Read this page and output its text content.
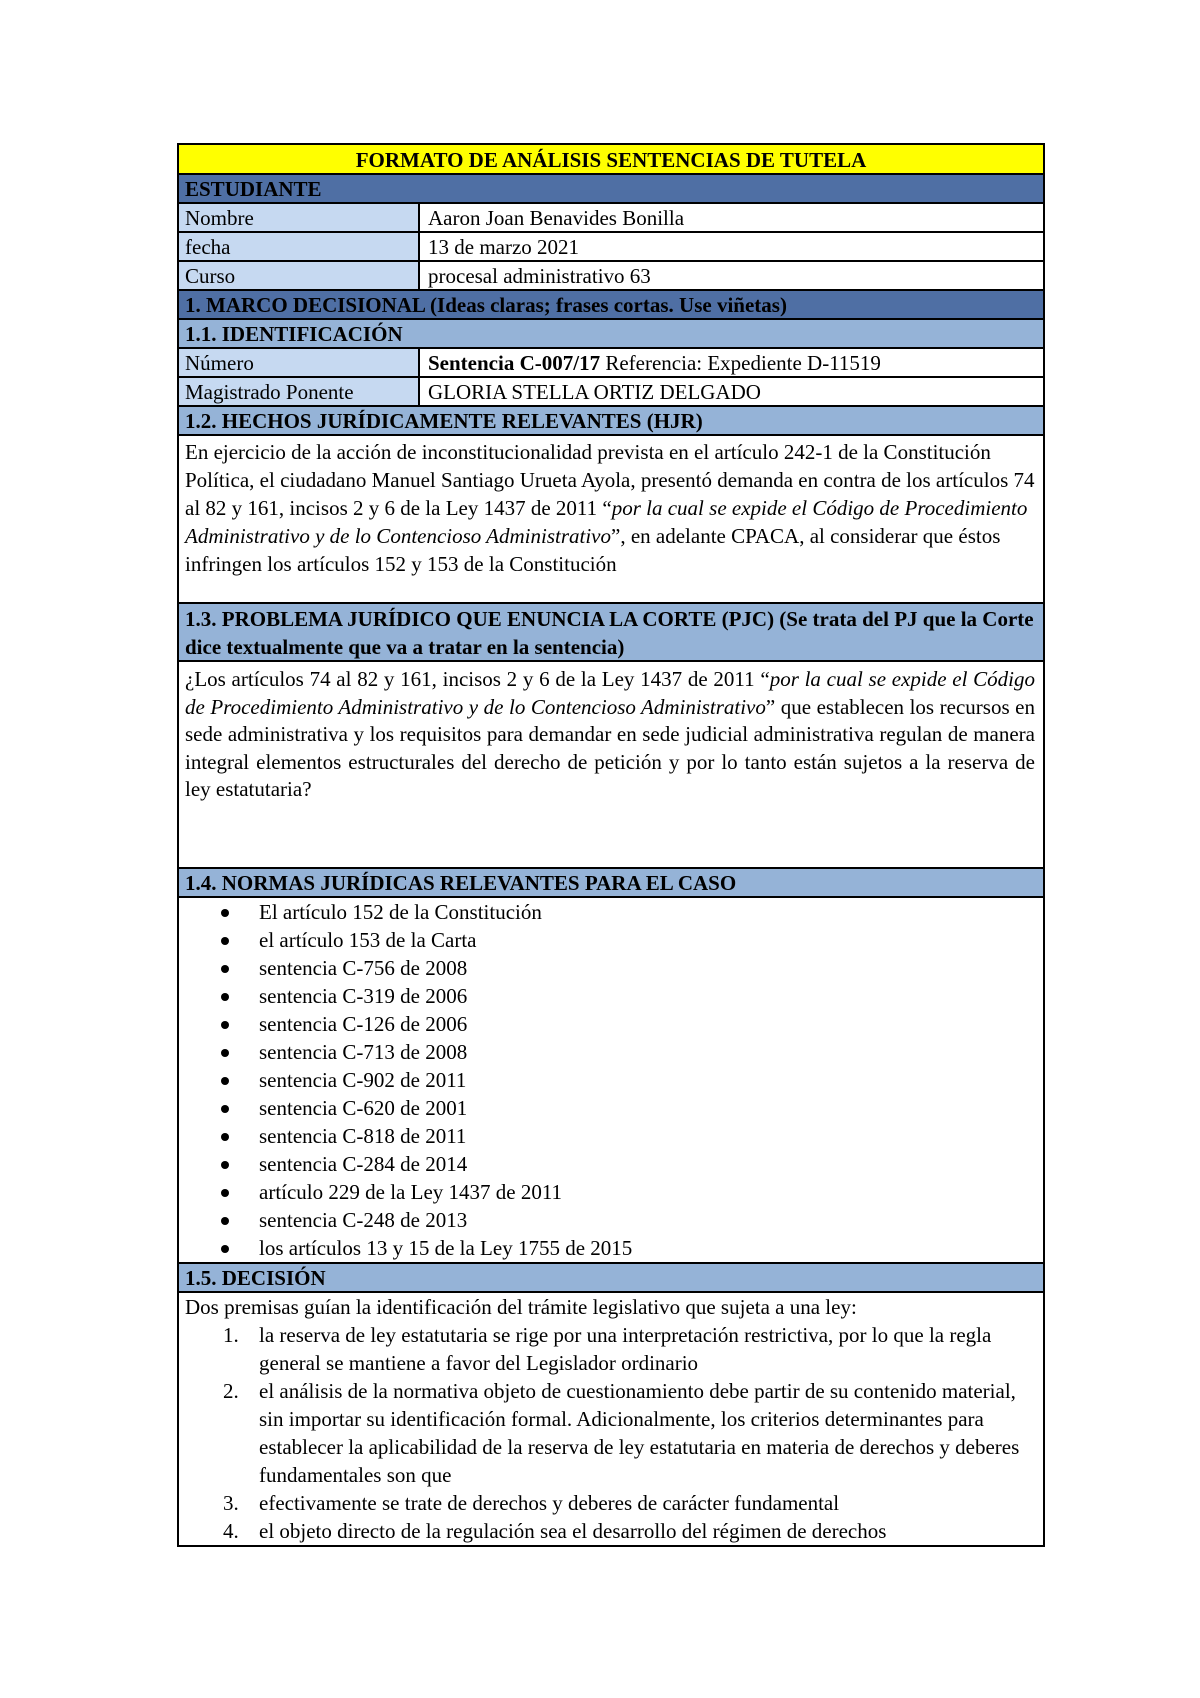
FORMATO DE ANÁLISIS SENTENCIAS DE TUTELA
ESTUDIANTE
Nombre	Aaron Joan Benavides Bonilla
fecha	13 de marzo 2021
Curso	procesal administrativo 63
1. MARCO DECISIONAL (Ideas claras; frases cortas. Use viñetas)
1.1. IDENTIFICACIÓN
Número	Sentencia C-007/17 Referencia: Expediente D-11519
Magistrado Ponente	GLORIA STELLA ORTIZ DELGADO
1.2. HECHOS JURÍDICAMENTE RELEVANTES (HJR)
En ejercicio de la acción de inconstitucionalidad prevista en el artículo 242-1 de la Constitución Política, el ciudadano Manuel Santiago Urueta Ayola, presentó demanda en contra de los artículos 74 al 82 y 161, incisos 2 y 6 de la Ley 1437 de 2011 “por la cual se expide el Código de Procedimiento Administrativo y de lo Contencioso Administrativo”, en adelante CPACA, al considerar que éstos infringen los artículos 152 y 153 de la Constitución
1.3. PROBLEMA JURÍDICO QUE ENUNCIA LA CORTE (PJC) (Se trata del PJ que la Corte dice textualmente que va a tratar en la sentencia)
¿Los artículos 74 al 82 y 161, incisos 2 y 6 de la Ley 1437 de 2011 “por la cual se expide el Código de Procedimiento Administrativo y de lo Contencioso Administrativo” que establecen los recursos en sede administrativa y los requisitos para demandar en sede judicial administrativa regulan de manera integral elementos estructurales del derecho de petición y por lo tanto están sujetos a la reserva de ley estatutaria?
1.4. NORMAS JURÍDICAS RELEVANTES PARA EL CASO
El artículo 152 de la Constitución
el artículo 153 de la Carta
sentencia C-756 de 2008
sentencia C-319 de 2006
sentencia C-126 de 2006
sentencia C-713 de 2008
sentencia C-902 de 2011
sentencia C-620 de 2001
sentencia C-818 de 2011
sentencia C-284 de 2014
artículo 229 de la Ley 1437 de 2011
sentencia C-248 de 2013
los artículos 13 y 15 de la Ley 1755 de 2015
1.5. DECISIÓN
Dos premisas guían la identificación del trámite legislativo que sujeta a una ley:
1. la reserva de ley estatutaria se rige por una interpretación restrictiva, por lo que la regla general se mantiene a favor del Legislador ordinario
2. el análisis de la normativa objeto de cuestionamiento debe partir de su contenido material, sin importar su identificación formal. Adicionalmente, los criterios determinantes para establecer la aplicabilidad de la reserva de ley estatutaria en materia de derechos y deberes fundamentales son que
3. efectivamente se trate de derechos y deberes de carácter fundamental
4. el objeto directo de la regulación sea el desarrollo del régimen de derechos
